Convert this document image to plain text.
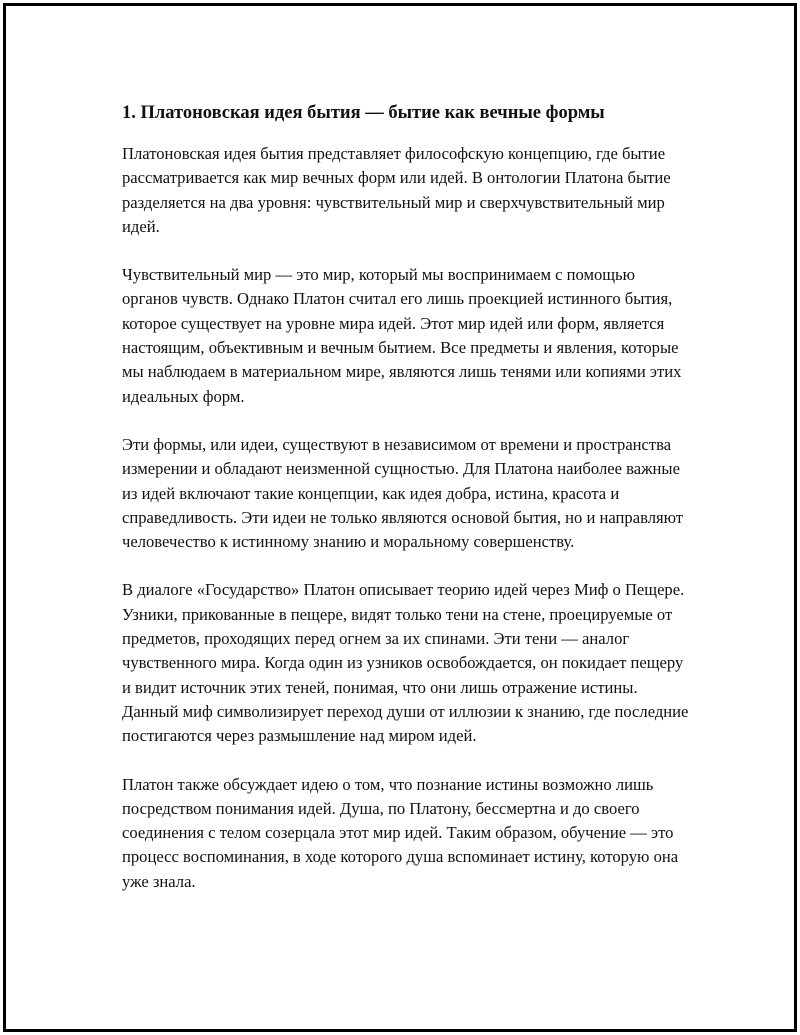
1. Платоновская идея бытия — бытие как вечные формы

Платоновская идея бытия представляет философскую концепцию, где бытие рассматривается как мир вечных форм или идей. В онтологии Платона бытие разделяется на два уровня: чувствительный мир и сверхчувствительный мир идей.

Чувствительный мир — это мир, который мы воспринимаем с помощью органов чувств. Однако Платон считал его лишь проекцией истинного бытия, которое существует на уровне мира идей. Этот мир идей или форм, является настоящим, объективным и вечным бытием. Все предметы и явления, которые мы наблюдаем в материальном мире, являются лишь тенями или копиями этих идеальных форм.

Эти формы, или идеи, существуют в независимом от времени и пространства измерении и обладают неизменной сущностью. Для Платона наиболее важные из идей включают такие концепции, как идея добра, истина, красота и справедливость. Эти идеи не только являются основой бытия, но и направляют человечество к истинному знанию и моральному совершенству.

В диалоге «Государство» Платон описывает теорию идей через Миф о Пещере. Узники, прикованные в пещере, видят только тени на стене, проецируемые от предметов, проходящих перед огнем за их спинами. Эти тени — аналог чувственного мира. Когда один из узников освобождается, он покидает пещеру и видит источник этих теней, понимая, что они лишь отражение истины. Данный миф символизирует переход души от иллюзии к знанию, где последние постигаются через размышление над миром идей.

Платон также обсуждает идею о том, что познание истины возможно лишь посредством понимания идей. Душа, по Платону, бессмертна и до своего соединения с телом созерцала этот мир идей. Таким образом, обучение — это процесс воспоминания, в ходе которого душа вспоминает истину, которую она уже знала.
